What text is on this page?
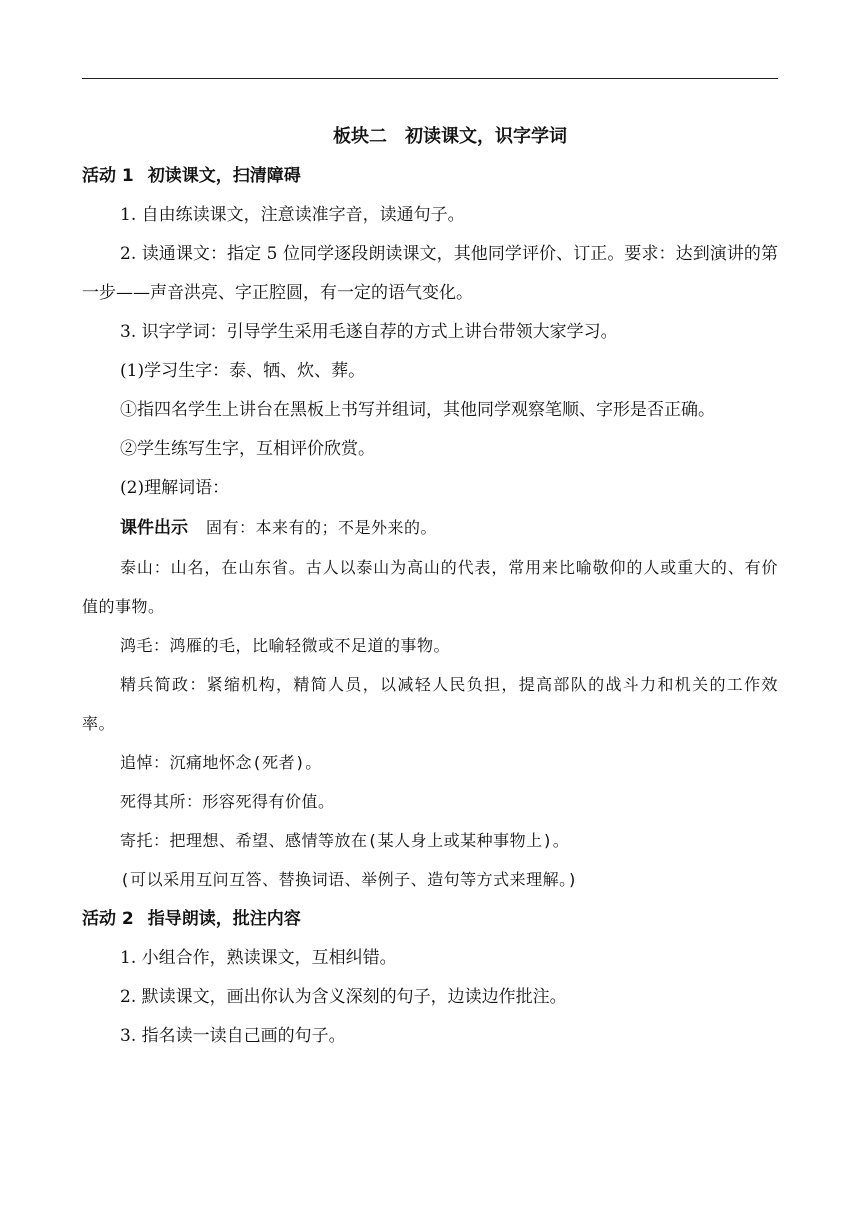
板块二　初读课文，识字学词
活动 1 初读课文，扫清障碍

1. 自由练读课文，注意读准字音，读通句子。

2. 读通课文：指定 5 位同学逐段朗读课文，其他同学评价、订正。要求：达到演讲的第一步——声音洪亮、字正腔圆，有一定的语气变化。

3. 识字学词：引导学生采用毛遂自荐的方式上讲台带领大家学习。

(1)学习生字：泰、牺、炊、葬。

①指四名学生上讲台在黑板上书写并组词，其他同学观察笔顺、字形是否正确。

②学生练写生字，互相评价欣赏。

(2)理解词语：

课件出示 固有：本来有的；不是外来的。

泰山：山名，在山东省。古人以泰山为高山的代表，常用来比喻敬仰的人或重大的、有价值的事物。

鸿毛：鸿雁的毛，比喻轻微或不足道的事物。

精兵简政：紧缩机构，精简人员，以减轻人民负担，提高部队的战斗力和机关的工作效率。

追悼：沉痛地怀念(死者)。

死得其所：形容死得有价值。

寄托：把理想、希望、感情等放在(某人身上或某种事物上)。

(可以采用互问互答、替换词语、举例子、造句等方式来理解。)

活动 2 指导朗读，批注内容

1. 小组合作，熟读课文，互相纠错。

2. 默读课文，画出你认为含义深刻的句子，边读边作批注。

3. 指名读一读自己画的句子。
